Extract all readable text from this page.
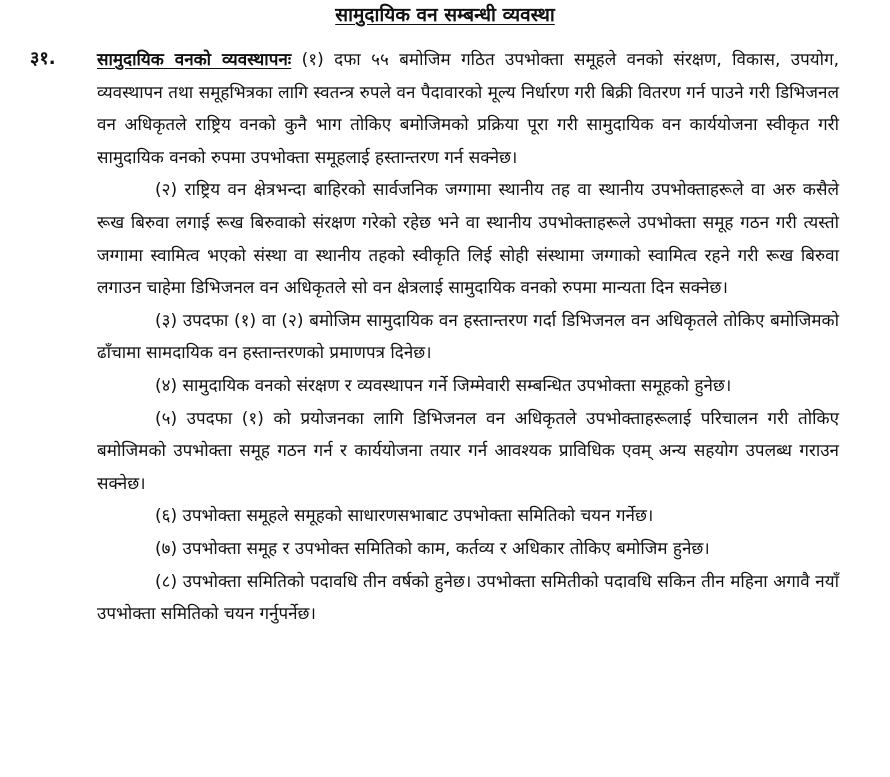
सामुदायिक वन सम्बन्धी व्यवस्था
३१. सामुदायिक वनको व्यवस्थापनः (१) दफा ५५ बमोजिम गठित उपभोक्ता समूहले वनको संरक्षण, विकास, उपयोग, व्यवस्थापन तथा समूहभित्रका लागि स्वतन्त्र रुपले वन पैदावारको मूल्य निर्धारण गरी बिक्री वितरण गर्न पाउने गरी डिभिजनल वन अधिकृतले राष्ट्रिय वनको कुनै भाग तोकिए बमोजिमको प्रक्रिया पूरा गरी सामुदायिक वन कार्ययोजना स्वीकृत गरी सामुदायिक वनको रुपमा उपभोक्ता समूहलाई हस्तान्तरण गर्न सक्नेछ।

(२) राष्ट्रिय वन क्षेत्रभन्दा बाहिरको सार्वजनिक जग्गामा स्थानीय तह वा स्थानीय उपभोक्ताहरूले वा अरु कसैले रूख बिरुवा लगाई रूख बिरुवाको संरक्षण गरेको रहेछ भने वा स्थानीय उपभोक्ताहरूले उपभोक्ता समूह गठन गरी त्यस्तो जग्गामा स्वामित्व भएको संस्था वा स्थानीय तहको स्वीकृति लिई सोही संस्थामा जग्गाको स्वामित्व रहने गरी रूख बिरुवा लगाउन चाहेमा डिभिजनल वन अधिकृतले सो वन क्षेत्रलाई सामुदायिक वनको रुपमा मान्यता दिन सक्नेछ।

(३) उपदफा (१) वा (२) बमोजिम सामुदायिक वन हस्तान्तरण गर्दा डिभिजनल वन अधिकृतले तोकिए बमोजिमको ढाँचामा सामदायिक वन हस्तान्तरणको प्रमाणपत्र दिनेछ।

(४) सामुदायिक वनको संरक्षण र व्यवस्थापन गर्ने जिम्मेवारी सम्बन्धित उपभोक्ता समूहको हुनेछ।

(५) उपदफा (१) को प्रयोजनका लागि डिभिजनल वन अधिकृतले उपभोक्ताहरूलाई परिचालन गरी तोकिए बमोजिमको उपभोक्ता समूह गठन गर्न र कार्ययोजना तयार गर्न आवश्यक प्राविधिक एवम् अन्य सहयोग उपलब्ध गराउन सक्नेछ।

(६) उपभोक्ता समूहले समूहको साधारणसभाबाट उपभोक्ता समितिको चयन गर्नेछ।

(७) उपभोक्ता समूह र उपभोक्त समितिको काम, कर्तव्य र अधिकार तोकिए बमोजिम हुनेछ।

(८) उपभोक्ता समितिको पदावधि तीन वर्षको हुनेछ। उपभोक्ता समितीको पदावधि सकिन तीन महिना अगावै नयाँ उपभोक्ता समितिको चयन गर्नुपर्नेछ।
